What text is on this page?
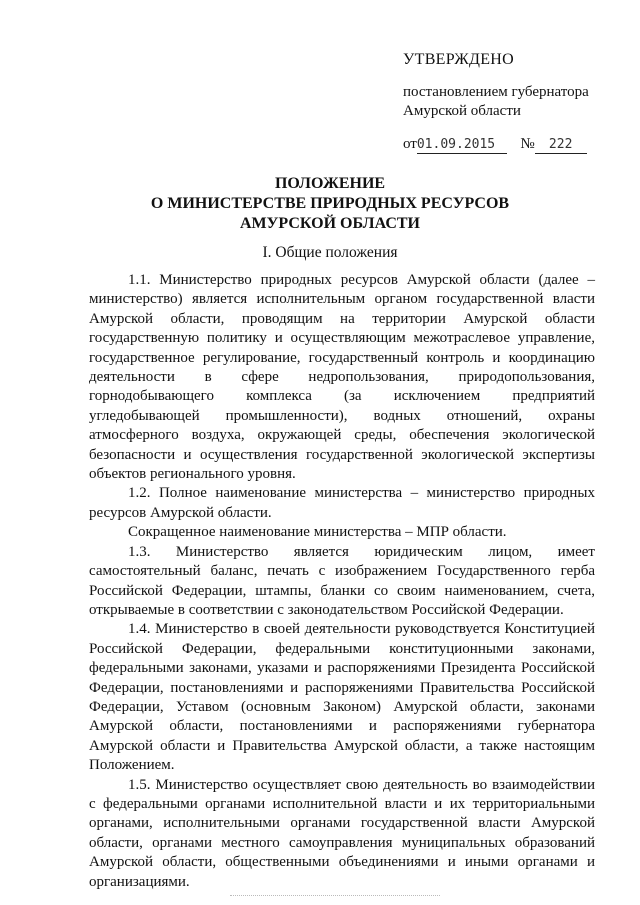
УТВЕРЖДЕНО
постановлением губернатора
Амурской области
от01.09.2015 № 222
ПОЛОЖЕНИЕ
О МИНИСТЕРСТВЕ ПРИРОДНЫХ РЕСУРСОВ
АМУРСКОЙ ОБЛАСТИ
I. Общие положения

1.1. Министерство природных ресурсов Амурской области (далее – министерство) является исполнительным органом государственной власти Амурской области, проводящим на территории Амурской области государственную политику и осуществляющим межотраслевое управление, государственное регулирование, государственный контроль и координацию деятельности в сфере недропользования, природопользования, горнодобывающего комплекса (за исключением предприятий угледобывающей промышленности), водных отношений, охраны атмосферного воздуха, окружающей среды, обеспечения экологической безопасности и осуществления государственной экологической экспертизы объектов регионального уровня.

1.2. Полное наименование министерства – министерство природных ресурсов Амурской области.

Сокращенное наименование министерства – МПР области.

1.3. Министерство является юридическим лицом, имеет самостоятельный баланс, печать с изображением Государственного герба Российской Федерации, штампы, бланки со своим наименованием, счета, открываемые в соответствии с законодательством Российской Федерации.

1.4. Министерство в своей деятельности руководствуется Конституцией Российской Федерации, федеральными конституционными законами, федеральными законами, указами и распоряжениями Президента Российской Федерации, постановлениями и распоряжениями Правительства Российской Федерации, Уставом (основным Законом) Амурской области, законами Амурской области, постановлениями и распоряжениями губернатора Амурской области и Правительства Амурской области, а также настоящим Положением.

1.5. Министерство осуществляет свою деятельность во взаимодействии с федеральными органами исполнительной власти и их территориальными органами, исполнительными органами государственной власти Амурской области, органами местного самоуправления муниципальных образований Амурской области, общественными объединениями и иными органами и организациями.
